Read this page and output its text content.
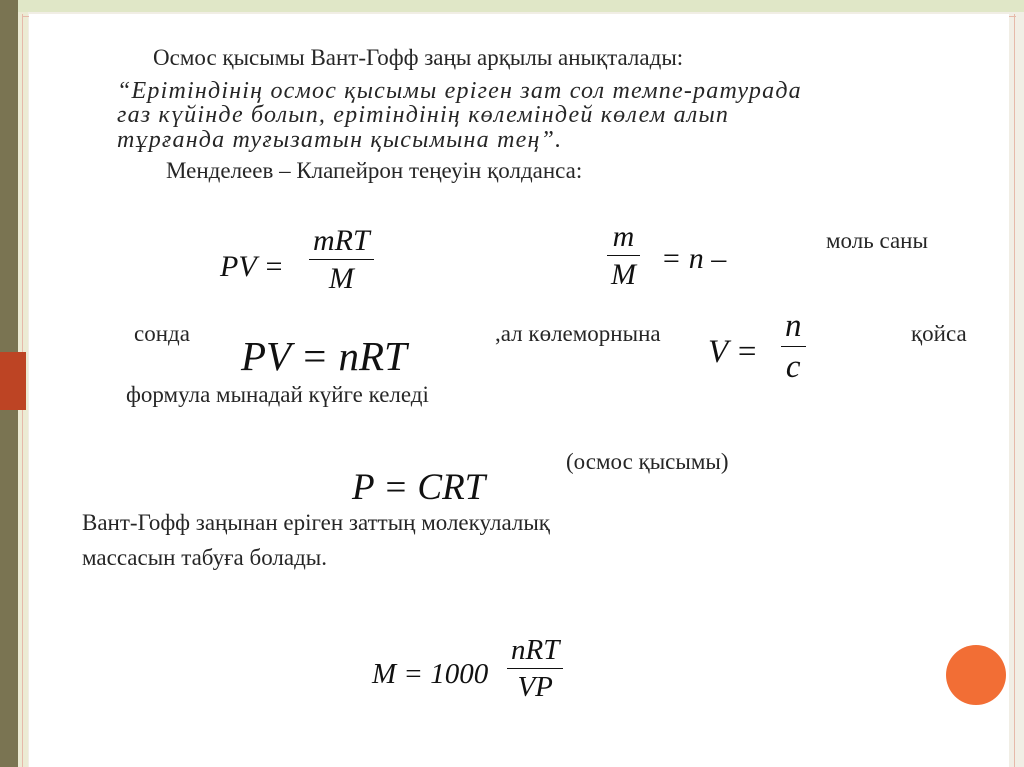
Осмос қысымы Вант-Гофф заңы арқылы анықталады:
“Ерітіндінің осмос қысымы еріген зат сол темпе-ратурада
газ күйінде болып, ерітіндінің көлеміндей көлем алып
тұрғанда туғызатын қысымына тең”.
Менделеев – Клапейрон теңеуін қолданса:
PV =
mRT
M	$\frac{m}{M} = n$ –
моль саны
сонда PV = nRT	,ал көлеморнына
$V = \frac{n}{c}$	қойса
формула мынадай күйге келеді
(осмос қысымы)
P = CRT
Вант-Гофф заңынан еріген заттың молекулалық
массасын табуға болады.
M = 1000
nRT
VP
